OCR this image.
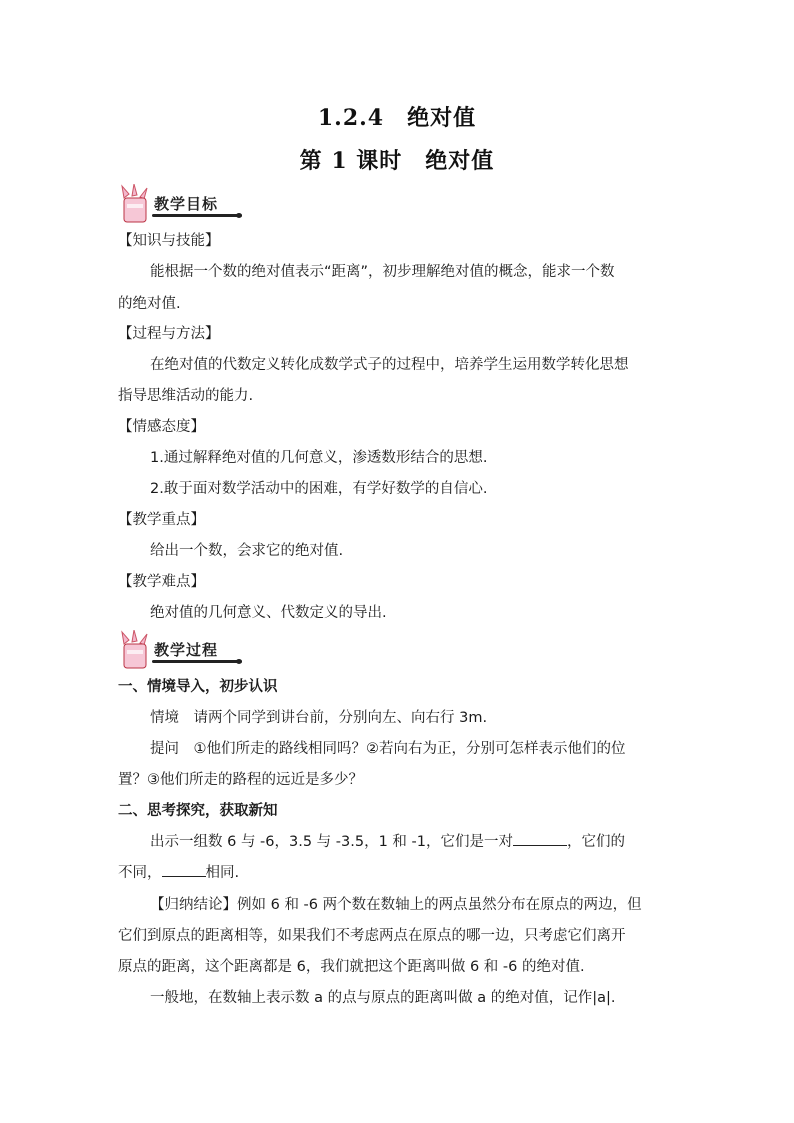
1.2.4　绝对值
第 1 课时　绝对值
教学目标
【知识与技能】
能根据一个数的绝对值表示“距离”，初步理解绝对值的概念，能求一个数
的绝对值.
【过程与方法】
在绝对值的代数定义转化成数学式子的过程中，培养学生运用数学转化思想
指导思维活动的能力.
【情感态度】
1.通过解释绝对值的几何意义，渗透数形结合的思想.
2.敢于面对数学活动中的困难，有学好数学的自信心.
【教学重点】
给出一个数，会求它的绝对值.
【教学难点】
绝对值的几何意义、代数定义的导出.
教学过程
一、情境导入，初步认识
情境　请两个同学到讲台前，分别向左、向右行 3m.
提问　①他们所走的路线相同吗？②若向右为正，分别可怎样表示他们的位
置？③他们所走的路程的远近是多少？
二、思考探究，获取新知
出示一组数 6 与 -6，3.5 与 -3.5，1 和 -1，它们是一对	，它们的
不同，	相同.
【归纳结论】例如 6 和 -6 两个数在数轴上的两点虽然分布在原点的两边，但
它们到原点的距离相等，如果我们不考虑两点在原点的哪一边，只考虑它们离开
原点的距离，这个距离都是 6，我们就把这个距离叫做 6 和 -6 的绝对值.
一般地，在数轴上表示数 a 的点与原点的距离叫做 a 的绝对值，记作|a|.
